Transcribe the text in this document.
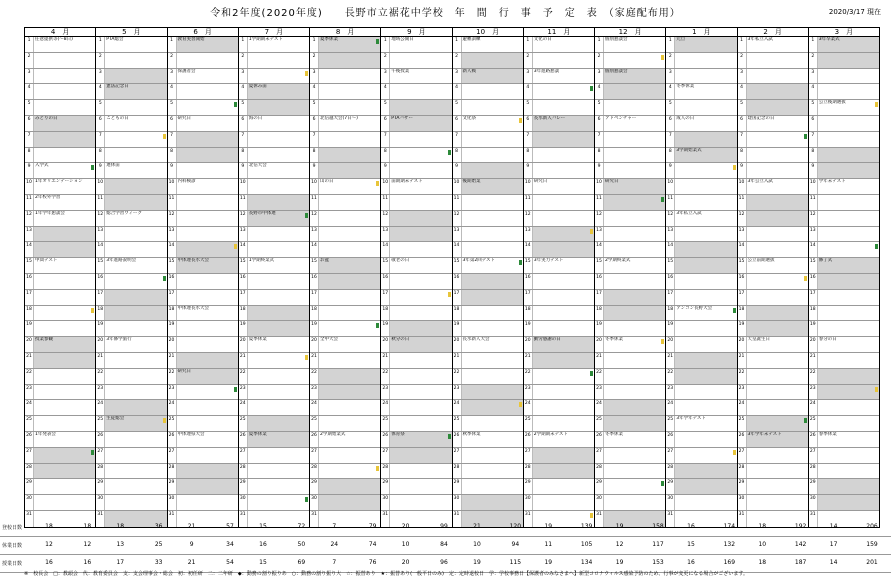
令和2年度(2020年度)　　長野市立裾花中学校　年　間　行　事　予　定　表　（家庭配布用）	2020/3/17 現在
4　月
1	任意提供等(〜8日)
2
3
4
5
6	みどりの日
7
8
9	入学式
10 1年オリエンテーション
11 2年校外学習
12 1年学年懇談会
13
14
15 中間テスト
16
17
18
19
20 授業参観
21
22
23
24
25
26 1年発表会
27
28
29
30
31
5　月
1	PTA総会
2
3
4	憲法記念日
5
6	こどもの日
7
8
9	連休前
10
11
12 総合学習ウィーク
13
14
15 3年進路説明会
16
17
18
19
20 3年修学旅行
21
22
23
24
25 生徒総会
26
27
28
29
30
31
6　月
1	教育実習開始
2
3	保護者会
4
5
6	研究日
7
8
9
10 内科検診
11
12
13
14
15 中体連長水大会
16
17
18 中体連長水大会
19
20
21
22 研究日
23
24
25
26 中体連県大会
27
28
29
30
31
7　月
1	1学期期末テスト
2
3
4	夏休み前
5
6	海の日
7
8
9	北信大会
10
11
12 長野市中体連
13
14
15 1学期終業式
16
17
18
19
20 夏季休業
21
22
23
24
25
26 夏季休業
27
28
29
30
31
8　月
1	夏季休業
2
3
4
5
6	北信越大会(7日〜)
7
8
9
10 山の日
11
12
13
14
15 お盆
16
17
18
19
20 全中大会
21
22
23
24
25
26 2学期始業式
27
28
29
30
31
9　月
1	地域公開日
2
3	午後授業
4
5
6	PTAバザー
7
8
9
10 前期期末テスト
11
12
13
14
15 敬老の日
16
17
18
19
20 秋分の日
21
22
23
24
25
26 体育祭
27
28
29
30
31
10　月
1	避難訓練
2
3	新人戦
4
5
6	文化祭
7
8
9
10 後期始業
11
12
13
14
15 3年第2回テスト
16
17
18
19
20 長水新人大会
21
22
23
24
25
26 秋季休業
27
28
29
30
31
11　月
1	文化の日
2
3	3年進路懇談
4
5
6	長水新人バレー
7
8
9
10 研究日
11
12
13
14
15 3年実力テスト
16
17
18
19
20 勤労感謝の日
21
22
23
24
25
26 2学期期末テスト
27
28
29
30
31
12　月
1	個別懇談会
2
3	個別懇談会
4
5
6	アドベンチャー
7
8
9
10 研究日
11
12
13
14
15 2学期終業式
16
17
18
19
20 冬季休業
21
22
23
24
25
26 冬季休業
27
28
29
30
31
1　月
1	元旦
2
3
4	冬季休業
5
6	成人の日
7
8	3学期始業式
9
10
11
12 3年私立入試
13
14
15
16
17
18 アンコン長野大会
19
20
21
22
23
24
25 3年学年テスト
26
27
28
29
30
31
2　月
1	3年私立入試
2
3
4
5
6	建国記念の日
7
8
9
10 3年公立入試
11
12
13
14
15 公立前期選抜
16
17
18
19
20 天皇誕生日
21
22
23
24
25
26 3年学年末テスト
27
28
29
30
31
3　月
1	3年卒業式
2
3
4
5	公立後期選抜
6
7
8
9
10 学年末テスト
11
12
13
14
15 修了式
16
17
18
19
20 春分の日
21
22
23
24
25
26 春季休業
27
28
29
30
31
登校日数	18	18	18	36	21	57	15	72	7	79	20	99	21	120	19	139	19	158	16	174	18	192	14	206
休業日数	12	12	13	25	9	34	16	50	24	74	10	84	10	94	11	105	12	117	15	132	10	142	17	159
授業日数	16	16	17	33	21	54	15	69	7	76	20	96	19	115	19	134	19	153	16	169	18	187	14	201
※　校長会　□：教頭会　代：教育委員会　支：支会理事会・総会　初：初任研　二：二年研　◆：動務の割り振りあ　○：動務の割り振り大　☆：振替あり　★：振替あり(一般平日のみ)　定：定時退校日　学：学校事務日【保護者のみなさまへ】新型コロナウィルス感染予防のため、行事が変更になる場合がございます。
